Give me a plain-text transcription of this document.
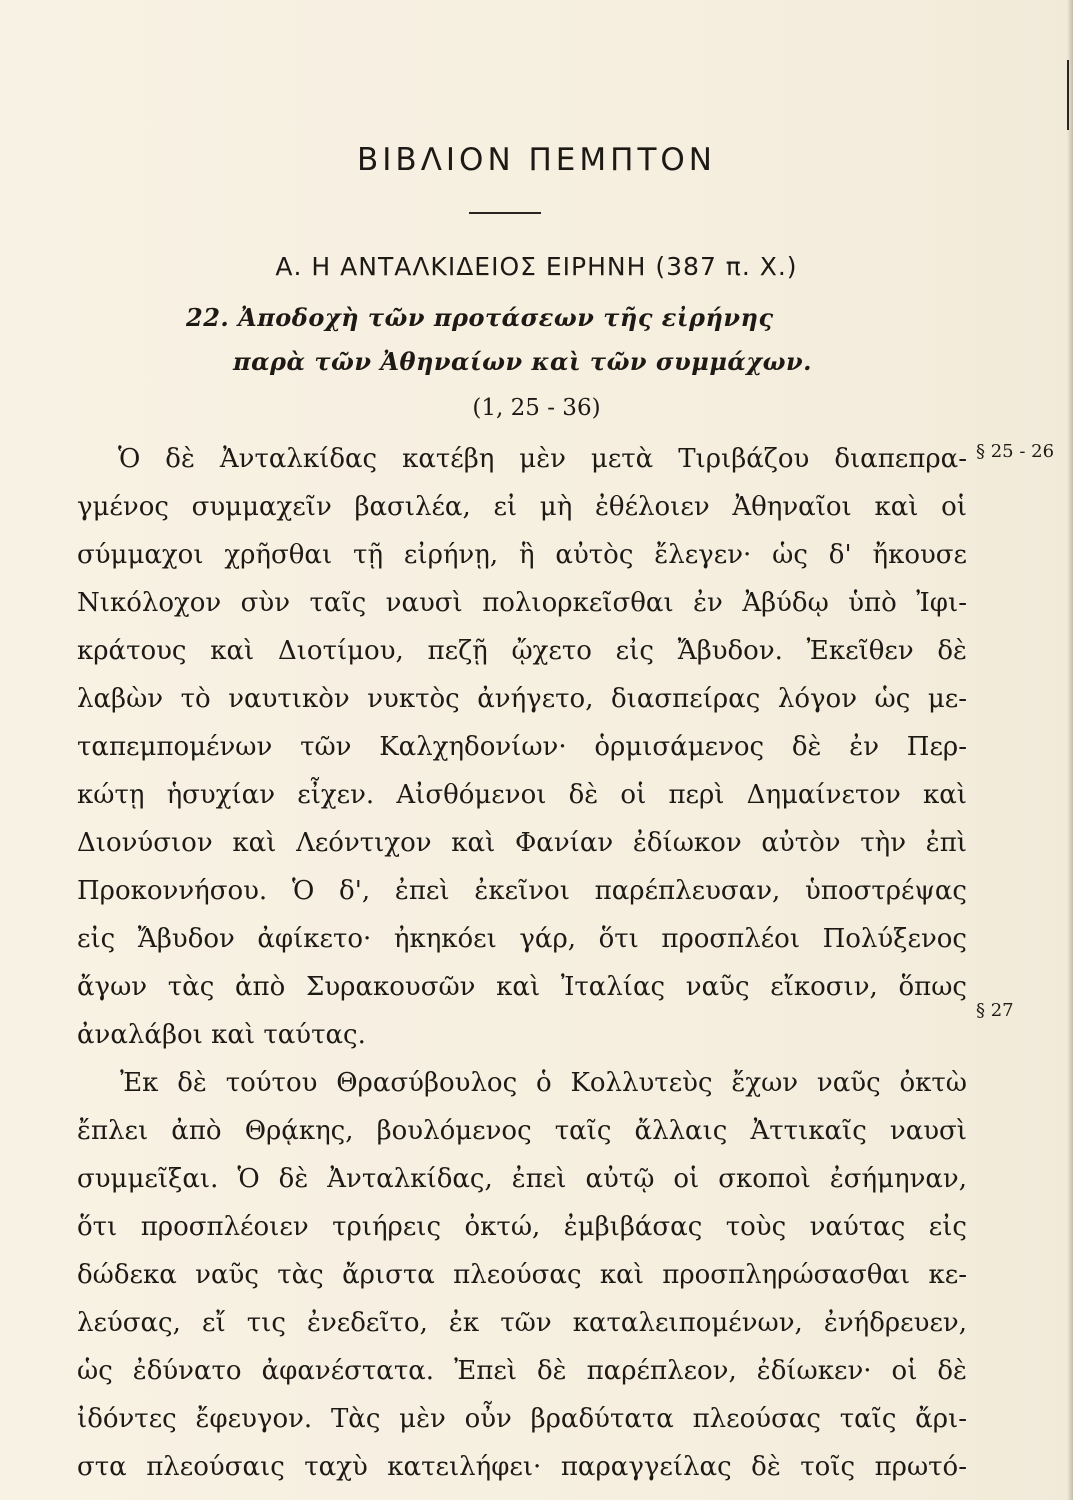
ΒΙΒΛΙΟΝ ΠΕΜΠΤΟΝ
Α. Η ΑΝΤΑΛΚΙΔΕΙΟΣ ΕΙΡΗΝΗ (387 π. Χ.)
22. Ἀποδοχὴ τῶν προτάσεων τῆς εἰρήνης
παρὰ τῶν Ἀθηναίων καὶ τῶν συμμάχων.
(1, 25 - 36)
§ 25 - 26
§ 27
Ὁ δὲ Ἀνταλκίδας κατέβη μὲν μετὰ Τιριβάζου διαπεπρα-
γμένος συμμαχεῖν βασιλέα, εἰ μὴ ἐθέλοιεν Ἀθηναῖοι καὶ οἱ
σύμμαχοι χρῆσθαι τῇ εἰρήνῃ, ἣ αὐτὸς ἔλεγεν· ὡς δ' ἤκουσε
Νικόλοχον σὺν ταῖς ναυσὶ πολιορκεῖσθαι ἐν Ἀβύδῳ ὑπὸ Ἰφι-
κράτους καὶ Διοτίμου, πεζῇ ᾤχετο εἰς Ἄβυδον. Ἐκεῖθεν δὲ
λαβὼν τὸ ναυτικὸν νυκτὸς ἀνήγετο, διασπείρας λόγον ὡς με-
ταπεμπομένων τῶν Καλχηδονίων· ὁρμισάμενος δὲ ἐν Περ-
κώτῃ ἡσυχίαν εἶχεν. Αἰσθόμενοι δὲ οἱ περὶ Δημαίνετον καὶ
Διονύσιον καὶ Λεόντιχον καὶ Φανίαν ἐδίωκον αὐτὸν τὴν ἐπὶ
Προκοννήσου. Ὁ δ', ἐπεὶ ἐκεῖνοι παρέπλευσαν, ὑποστρέψας
εἰς Ἄβυδον ἀφίκετο· ἠκηκόει γάρ, ὅτι προσπλέοι Πολύξενος
ἄγων τὰς ἀπὸ Συρακουσῶν καὶ Ἰταλίας ναῦς εἴκοσιν, ὅπως
ἀναλάβοι καὶ ταύτας.
Ἐκ δὲ τούτου Θρασύβουλος ὁ Κολλυτεὺς ἔχων ναῦς ὀκτὼ
ἔπλει ἀπὸ Θρᾴκης, βουλόμενος ταῖς ἄλλαις Ἀττικαῖς ναυσὶ
συμμεῖξαι. Ὁ δὲ Ἀνταλκίδας, ἐπεὶ αὐτῷ οἱ σκοποὶ ἐσήμηναν,
ὅτι προσπλέοιεν τριήρεις ὀκτώ, ἐμβιβάσας τοὺς ναύτας εἰς
δώδεκα ναῦς τὰς ἄριστα πλεούσας καὶ προσπληρώσασθαι κε-
λεύσας, εἴ τις ἐνεδεῖτο, ἐκ τῶν καταλειπομένων, ἐνήδρευεν,
ὡς ἐδύνατο ἀφανέστατα. Ἐπεὶ δὲ παρέπλεον, ἐδίωκεν· οἱ δὲ
ἰδόντες ἔφευγον. Τὰς μὲν οὖν βραδύτατα πλεούσας ταῖς ἄρι-
στα πλεούσαις ταχὺ κατειλήφει· παραγγείλας δὲ τοῖς πρωτό-
